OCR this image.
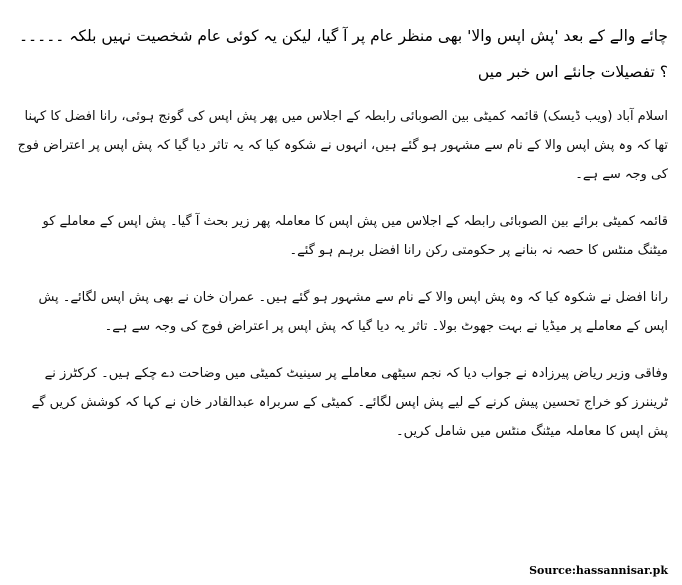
چائے والے کے بعد 'پش اپس والا' بھی منظر عام پر آ گیا، لیکن یہ کوئی عام شخصیت نہیں بلکہ ۔۔۔۔۔ ؟ تفصیلات جانئے اس خبر میں

اسلام آباد (ویب ڈیسک) قائمہ کمیٹی بین الصوبائی رابطہ کے اجلاس میں پھر پش اپس کی گونج ہوئی، رانا افضل کا کہنا تھا کہ وہ پش اپس والا کے نام سے مشہور ہو گئے ہیں، انہوں نے شکوہ کیا کہ یہ تاثر دیا گیا کہ پش اپس پر اعتراض فوج کی وجہ سے ہے۔

قائمہ کمیٹی برائے بین الصوبائی رابطہ کے اجلاس میں پش اپس کا معاملہ پھر زیر بحث آ گیا۔ پش اپس کے معاملے کو میٹنگ منٹس کا حصہ نہ بنانے پر حکومتی رکن رانا افضل برہم ہو گئے۔

رانا افضل نے شکوہ کیا کہ وہ پش اپس والا کے نام سے مشہور ہو گئے ہیں۔ عمران خان نے بھی پش اپس لگائے۔ پش اپس کے معاملے پر میڈیا نے بہت جھوٹ بولا۔ تاثر یہ دیا گیا کہ پش اپس پر اعتراض فوج کی وجہ سے ہے۔

وفاقی وزیر ریاض پیرزادہ نے جواب دیا کہ نجم سیٹھی معاملے پر سینیٹ کمیٹی میں وضاحت دے چکے ہیں۔ کرکٹرز نے ٹریننرز کو خراج تحسین پیش کرنے کے لیے پش اپس لگائے۔ کمیٹی کے سربراہ عبدالقادر خان نے کہا کہ کوشش کریں گے پش اپس کا معاملہ میٹنگ منٹس میں شامل کریں۔

Source:hassannisar.pk
